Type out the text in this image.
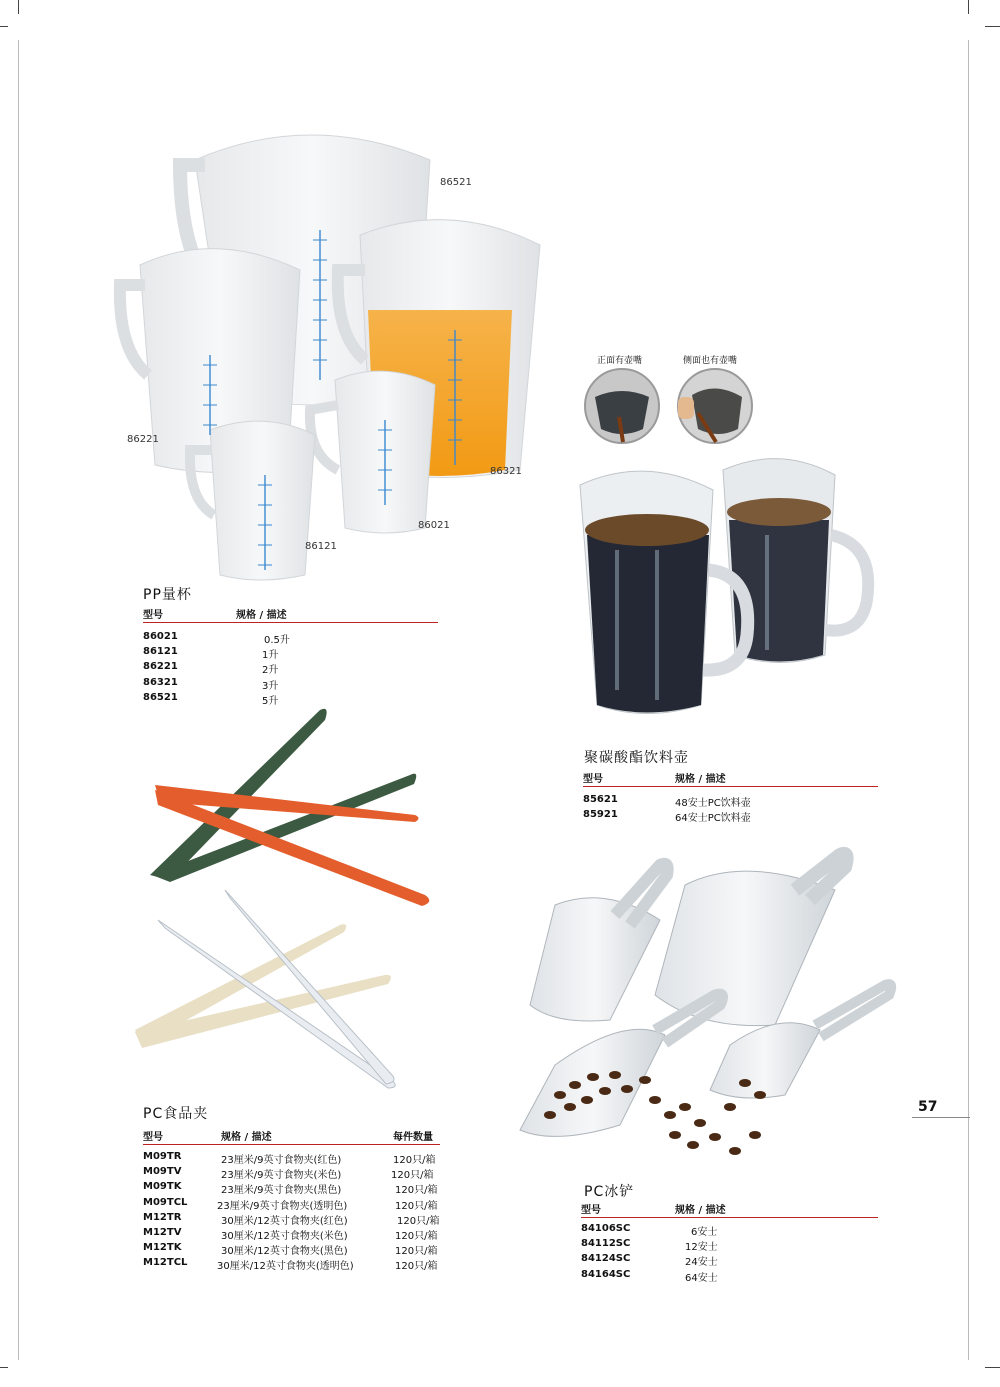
57
86521
86221
86321
86021
86121
PP量杯
型号	规格 / 描述
86021	0.5升
86121	1升
86221	2升
86321	3升
86521	5升
正面有壶嘴	侧面也有壶嘴
聚碳酸酯饮料壶
型号	规格 / 描述
85621	48安士PC饮料壶
85921	64安士PC饮料壶
PC食品夹
型号	规格 / 描述	每件数量
M09TR	23厘米/9英寸食物夹(红色)	120只/箱
M09TV	23厘米/9英寸食物夹(米色)	120只/箱
M09TK	23厘米/9英寸食物夹(黑色)	120只/箱
M09TCL	23厘米/9英寸食物夹(透明色)	120只/箱
M12TR	30厘米/12英寸食物夹(红色)	120只/箱
M12TV	30厘米/12英寸食物夹(米色)	120只/箱
M12TK	30厘米/12英寸食物夹(黑色)	120只/箱
M12TCL	30厘米/12英寸食物夹(透明色)	120只/箱
PC冰铲
型号	规格 / 描述
84106SC	6安士
84112SC	12安士
84124SC	24安士
84164SC	64安士
